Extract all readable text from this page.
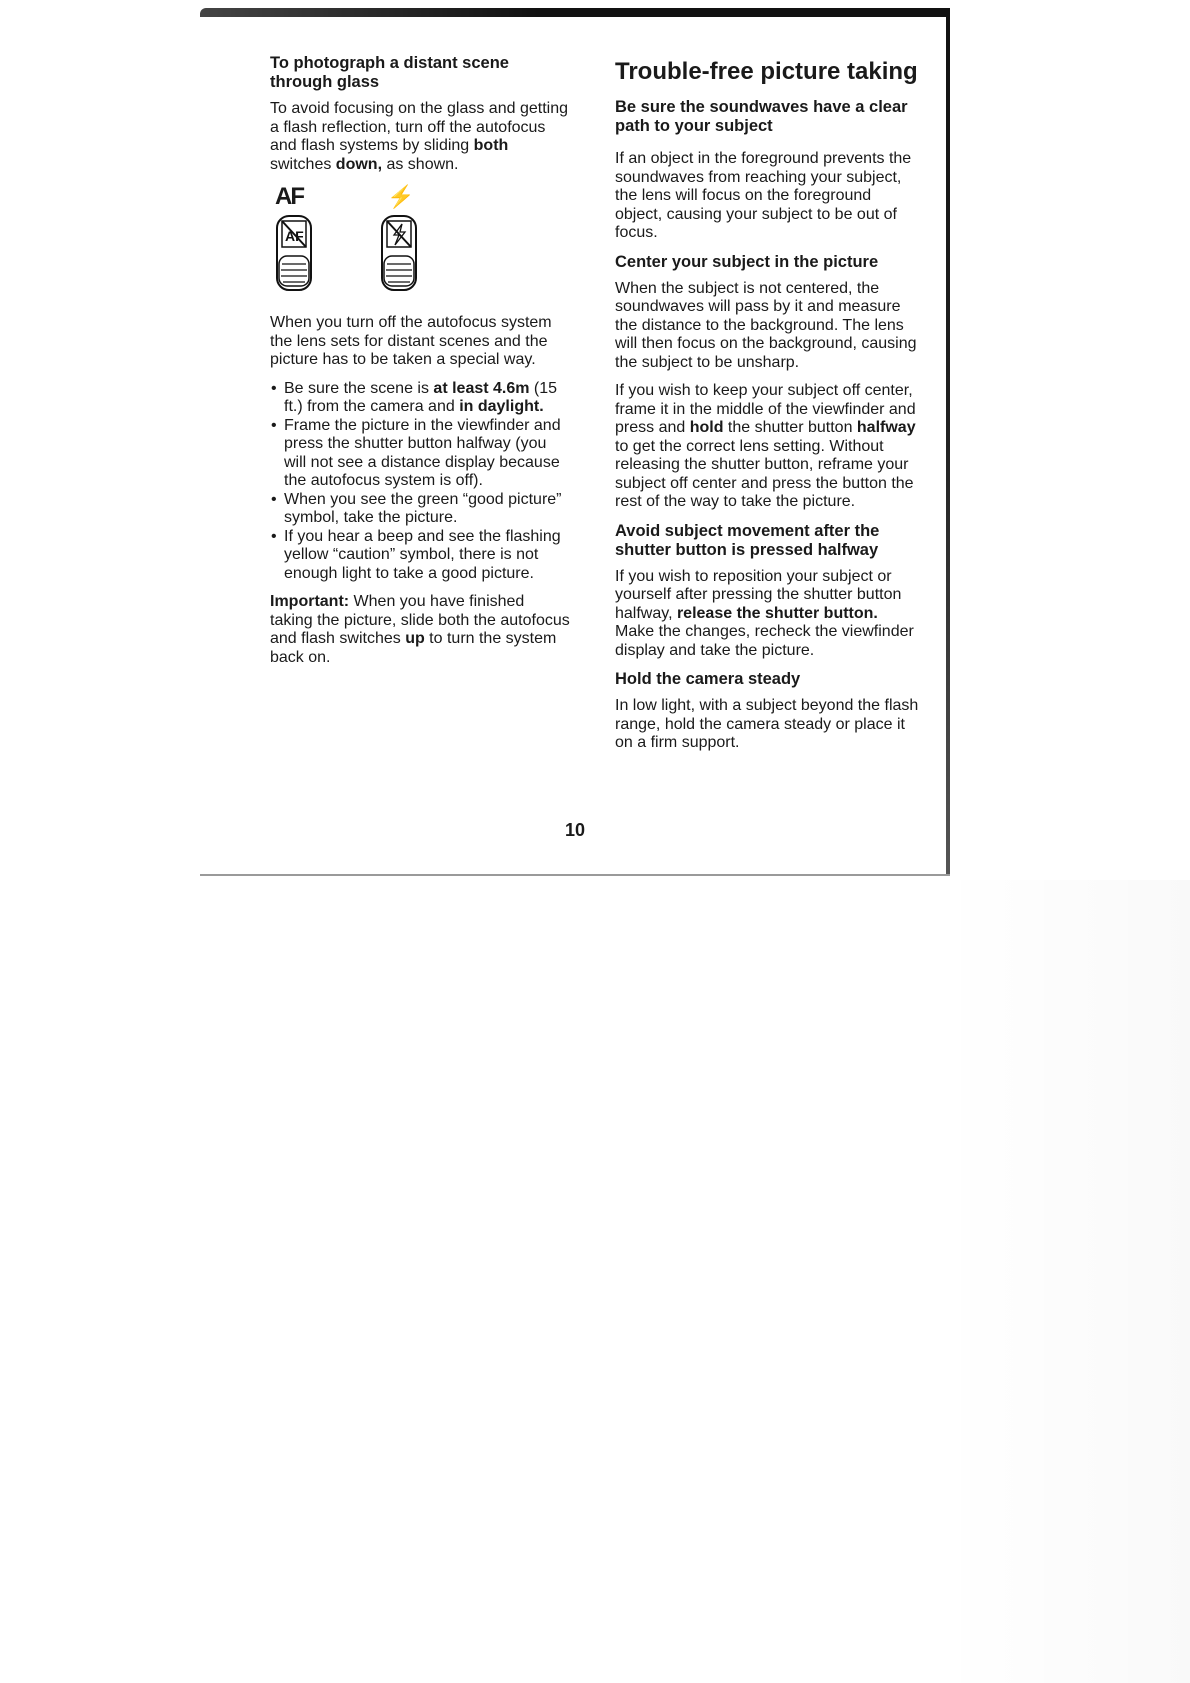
To photograph a distant scene through glass

To avoid focusing on the glass and getting a flash reflection, turn off the autofocus and flash systems by sliding both switches down, as shown.

AF
AF
⚡

When you turn off the autofocus system the lens sets for distant scenes and the picture has to be taken a special way.

• Be sure the scene is at least 4.6m (15 ft.) from the camera and in daylight.
• Frame the picture in the viewfinder and press the shutter button halfway (you will not see a distance display because the autofocus system is off).
• When you see the green “good picture” symbol, take the picture.
• If you hear a beep and see the flashing yellow “caution” symbol, there is not enough light to take a good picture.

Important: When you have finished taking the picture, slide both the autofocus and flash switches up to turn the system back on.

Trouble-free picture taking
Be sure the soundwaves have a clear path to your subject

If an object in the foreground prevents the soundwaves from reaching your subject, the lens will focus on the foreground object, causing your subject to be out of focus.

Center your subject in the picture

When the subject is not centered, the soundwaves will pass by it and measure the distance to the background. The lens will then focus on the background, causing the subject to be unsharp.

If you wish to keep your subject off center, frame it in the middle of the viewfinder and press and hold the shutter button halfway to get the correct lens setting. Without releasing the shutter button, reframe your subject off center and press the button the rest of the way to take the picture.

Avoid subject movement after the shutter button is pressed halfway

If you wish to reposition your subject or yourself after pressing the shutter button halfway, release the shutter button. Make the changes, recheck the viewfinder display and take the picture.

Hold the camera steady

In low light, with a subject beyond the flash range, hold the camera steady or place it on a firm support.

10
